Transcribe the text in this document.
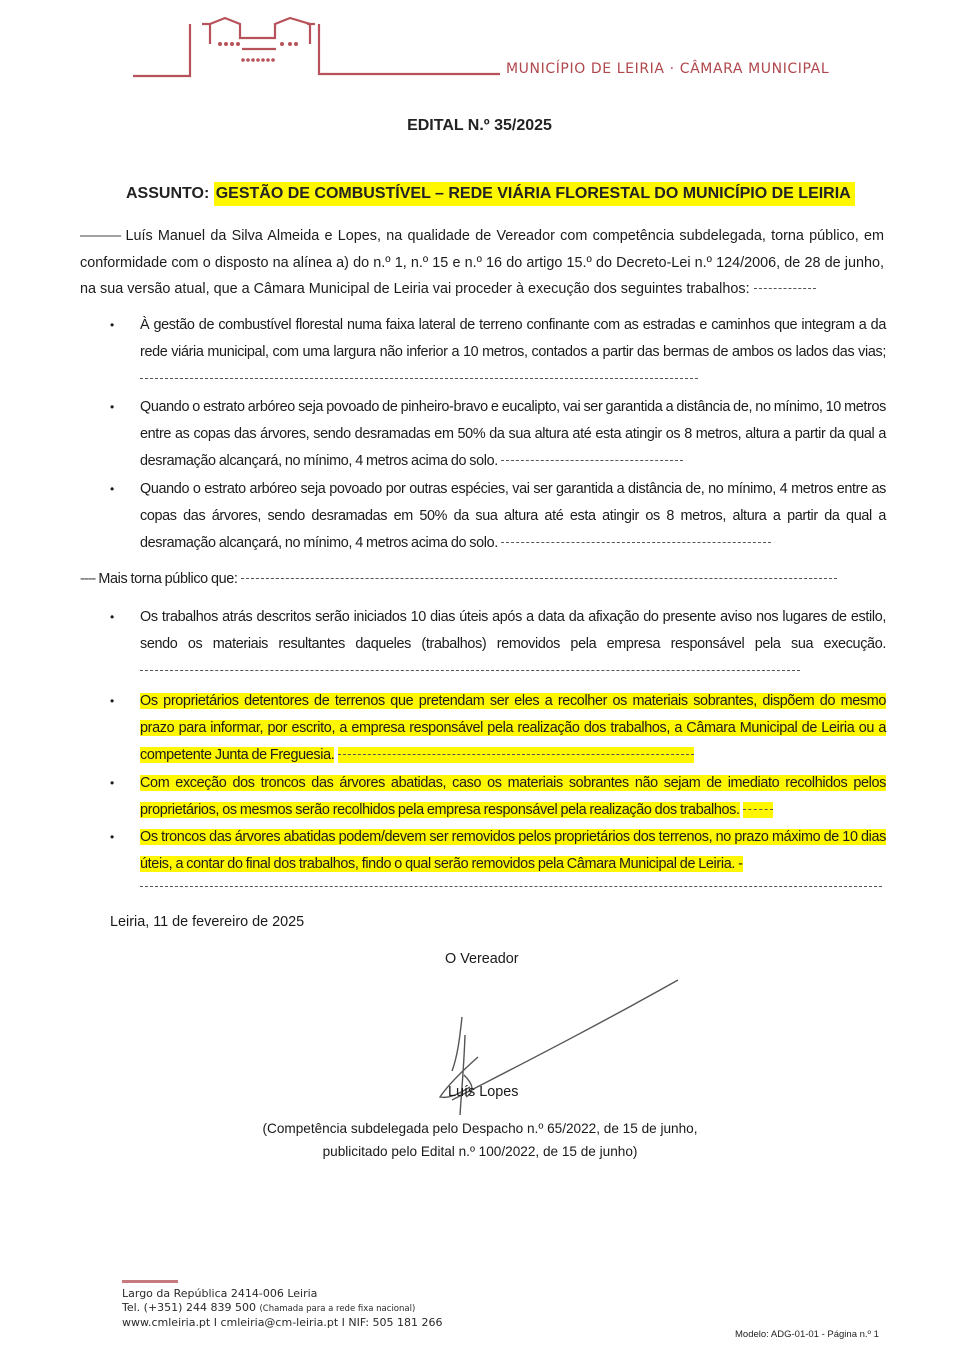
MUNICÍPIO DE LEIRIA · CÂMARA MUNICIPAL
EDITAL N.º 35/2025
ASSUNTO: GESTÃO DE COMBUSTÍVEL – REDE VIÁRIA FLORESTAL DO MUNICÍPIO DE LEIRIA
——— Luís Manuel da Silva Almeida e Lopes, na qualidade de Vereador com competência subdelegada, torna público, em conformidade com o disposto na alínea a) do n.º 1, n.º 15 e n.º 16 do artigo 15.º do Decreto-Lei n.º 124/2006, de 28 de junho, na sua versão atual, que a Câmara Municipal de Leiria vai proceder à execução dos seguintes trabalhos:
• À gestão de combustível florestal numa faixa lateral de terreno confinante com as estradas e caminhos que integram a da rede viária municipal, com uma largura não inferior a 10 metros, contados a partir das bermas de ambos os lados das vias;
• Quando o estrato arbóreo seja povoado de pinheiro-bravo e eucalipto, vai ser garantida a distância de, no mínimo, 10 metros entre as copas das árvores, sendo desramadas em 50% da sua altura até esta atingir os 8 metros, altura a partir da qual a desramação alcançará, no mínimo, 4 metros acima do solo.
• Quando o estrato arbóreo seja povoado por outras espécies, vai ser garantida a distância de, no mínimo, 4 metros entre as copas das árvores, sendo desramadas em 50% da sua altura até esta atingir os 8 metros, altura a partir da qual a desramação alcançará, no mínimo, 4 metros acima do solo.
---- Mais torna público que:
• Os trabalhos atrás descritos serão iniciados 10 dias úteis após a data da afixação do presente aviso nos lugares de estilo, sendo os materiais resultantes daqueles (trabalhos) removidos pela empresa responsável pela sua execução.
• Os proprietários detentores de terrenos que pretendam ser eles a recolher os materiais sobrantes, dispõem do mesmo prazo para informar, por escrito, a empresa responsável pela realização dos trabalhos, a Câmara Municipal de Leiria ou a competente Junta de Freguesia.
• Com exceção dos troncos das árvores abatidas, caso os materiais sobrantes não sejam de imediato recolhidos pelos proprietários, os mesmos serão recolhidos pela empresa responsável pela realização dos trabalhos.
• Os troncos das árvores abatidas podem/devem ser removidos pelos proprietários dos terrenos, no prazo máximo de 10 dias úteis, a contar do final dos trabalhos, findo o qual serão removidos pela Câmara Municipal de Leiria. -
Leiria, 11 de fevereiro de 2025
O Vereador
Luís Lopes
(Competência subdelegada pelo Despacho n.º 65/2022, de 15 de junho,
publicitado pelo Edital n.º 100/2022, de 15 de junho)
Largo da República 2414-006 Leiria
Tel. (+351) 244 839 500 (Chamada para a rede fixa nacional)
www.cmleiria.pt I cmleiria@cm-leiria.pt I NIF: 505 181 266
Modelo: ADG-01-01 - Página n.º 1
